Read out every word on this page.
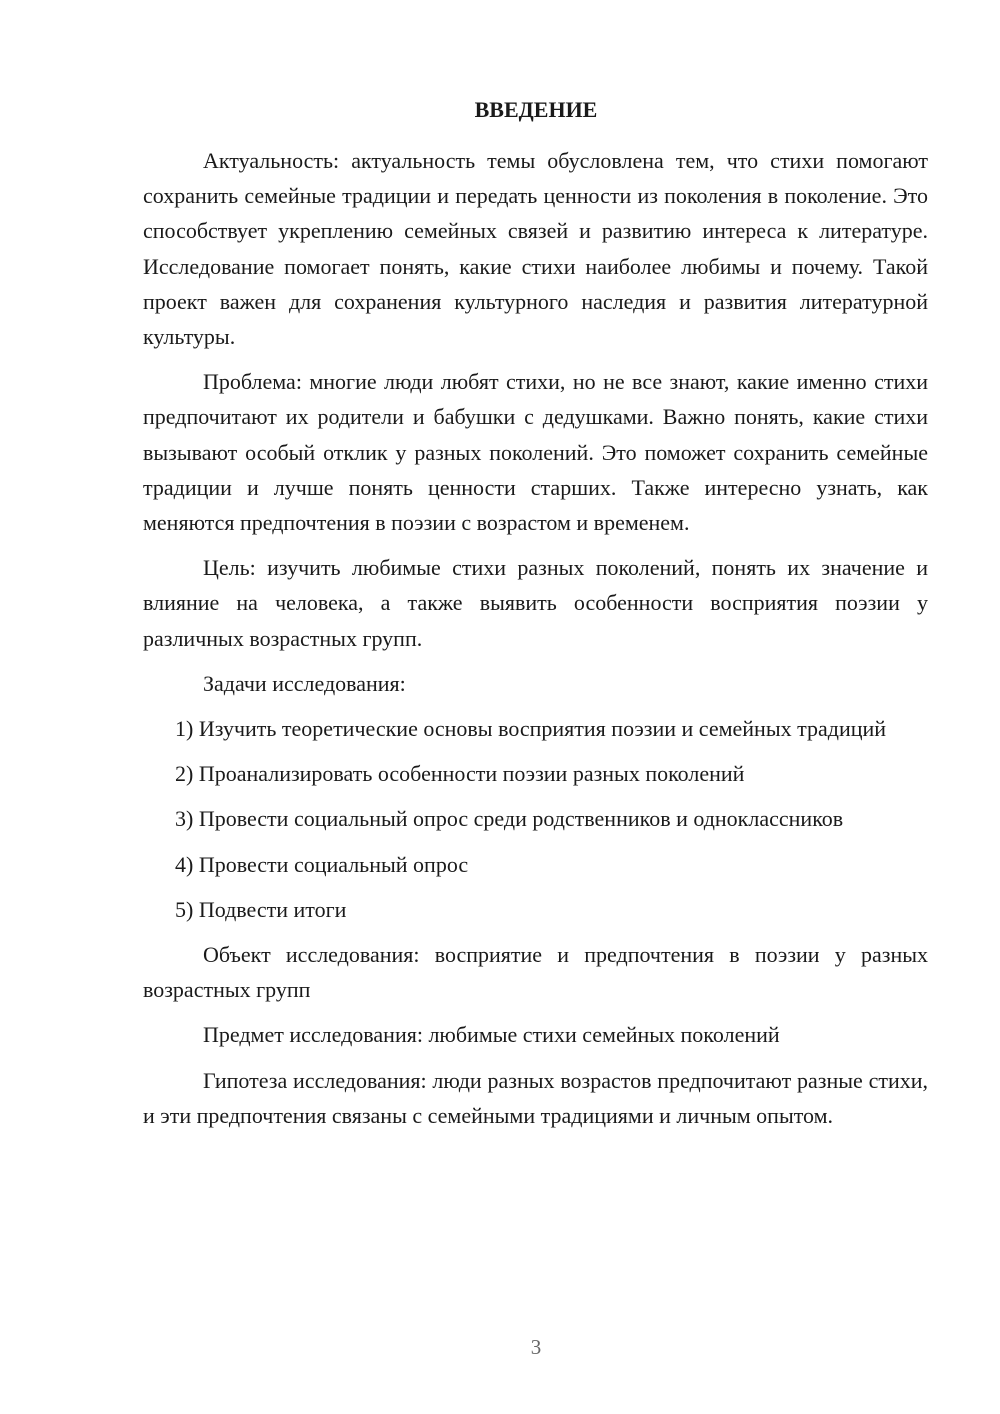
ВВЕДЕНИЕ

Актуальность: актуальность темы обусловлена тем, что стихи помогают сохранить семейные традиции и передать ценности из поколения в поколение. Это способствует укреплению семейных связей и развитию интереса к литературе. Исследование помогает понять, какие стихи наиболее любимы и почему. Такой проект важен для сохранения культурного наследия и развития литературной культуры.

Проблема: многие люди любят стихи, но не все знают, какие именно стихи предпочитают их родители и бабушки с дедушками. Важно понять, какие стихи вызывают особый отклик у разных поколений. Это поможет сохранить семейные традиции и лучше понять ценности старших. Также интересно узнать, как меняются предпочтения в поэзии с возрастом и временем.

Цель: изучить любимые стихи разных поколений, понять их значение и влияние на человека, а также выявить особенности восприятия поэзии у различных возрастных групп.

Задачи исследования:

1) Изучить теоретические основы восприятия поэзии и семейных традиций

2) Проанализировать особенности поэзии разных поколений

3) Провести социальный опрос среди родственников и одноклассников

4) Провести социальный опрос

5) Подвести итоги

Объект исследования: восприятие и предпочтения в поэзии у разных возрастных групп

Предмет исследования: любимые стихи семейных поколений

Гипотеза исследования: люди разных возрастов предпочитают разные стихи, и эти предпочтения связаны с семейными традициями и личным опытом.

3
